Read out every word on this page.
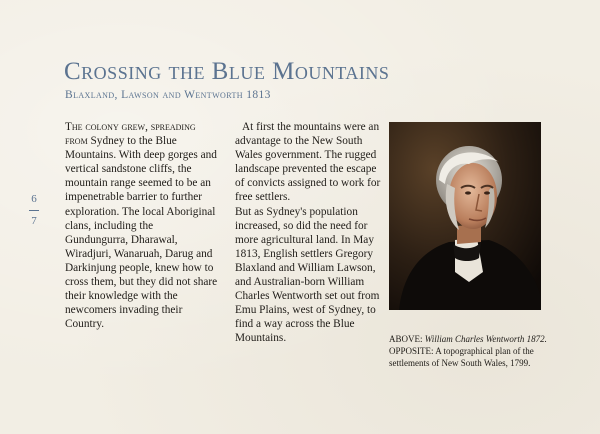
Crossing the Blue Mountains
Blaxland, Lawson and Wentworth 1813
6
7

The colony grew, spreading from Sydney to the Blue Mountains. With deep gorges and vertical sandstone cliffs, the mountain range seemed to be an impenetrable barrier to further exploration. The local Aboriginal clans, including the Gundungurra, Dharawal, Wiradjuri, Wanaruah, Darug and Darkinjung people, knew how to cross them, but they did not share their knowledge with the newcomers invading their Country.

At first the mountains were an advantage to the New South Wales government. The rugged landscape prevented the escape of convicts assigned to work for free settlers.

But as Sydney's population increased, so did the need for more agricultural land. In May 1813, English settlers Gregory Blaxland and William Lawson, and Australian-born William Charles Wentworth set out from Emu Plains, west of Sydney, to find a way across the Blue Mountains.	ABOVE: William Charles Wentworth 1872.
OPPOSITE: A topographical plan of the settlements of New South Wales, 1799.
